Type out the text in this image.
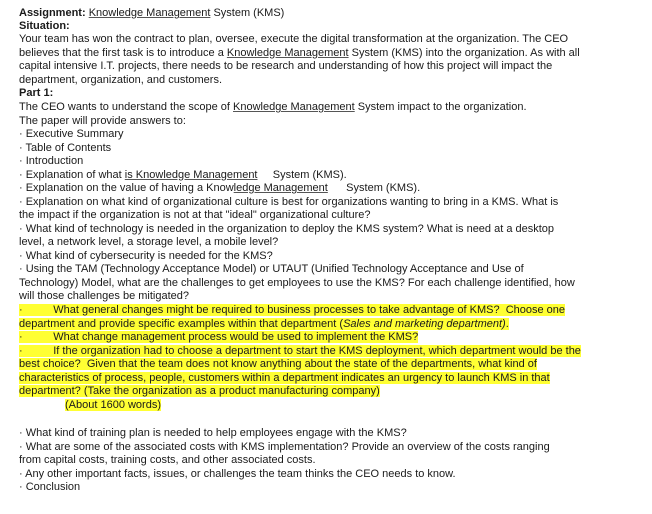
Assignment: Knowledge Management System (KMS)
Situation:
Your team has won the contract to plan, oversee, execute the digital transformation at the organization. The CEO
believes that the first task is to introduce a Knowledge Management System (KMS) into the organization. As with all
capital intensive I.T. projects, there needs to be research and understanding of how this project will impact the
department, organization, and customers.
Part 1:
The CEO wants to understand the scope of Knowledge Management System impact to the organization.
The paper will provide answers to:
· Executive Summary
· Table of Contents
· Introduction
· Explanation of what is Knowledge Management     System (KMS).
· Explanation on the value of having a Knowledge Management      System (KMS).
· Explanation on what kind of organizational culture is best for organizations wanting to bring in a KMS. What is
the impact if the organization is not at that "ideal" organizational culture?
· What kind of technology is needed in the organization to deploy the KMS system? What is need at a desktop
level, a network level, a storage level, a mobile level?
· What kind of cybersecurity is needed for the KMS?
· Using the TAM (Technology Acceptance Model) or UTAUT (Unified Technology Acceptance and Use of
Technology) Model, what are the challenges to get employees to use the KMS? For each challenge identified, how
will those challenges be mitigated?
·          What general changes might be required to business processes to take advantage of KMS?  Choose one
department and provide specific examples within that department (Sales and marketing department).
·          What change management process would be used to implement the KMS?
·          If the organization had to choose a department to start the KMS deployment, which department would be the
best choice?  Given that the team does not know anything about the state of the departments, what kind of
characteristics of process, people, customers within a department indicates an urgency to launch KMS in that
department? (Take the organization as a product manufacturing company)
(About 1600 words)
· What kind of training plan is needed to help employees engage with the KMS?
· What are some of the associated costs with KMS implementation? Provide an overview of the costs ranging
from capital costs, training costs, and other associated costs.
· Any other important facts, issues, or challenges the team thinks the CEO needs to know.
· Conclusion
